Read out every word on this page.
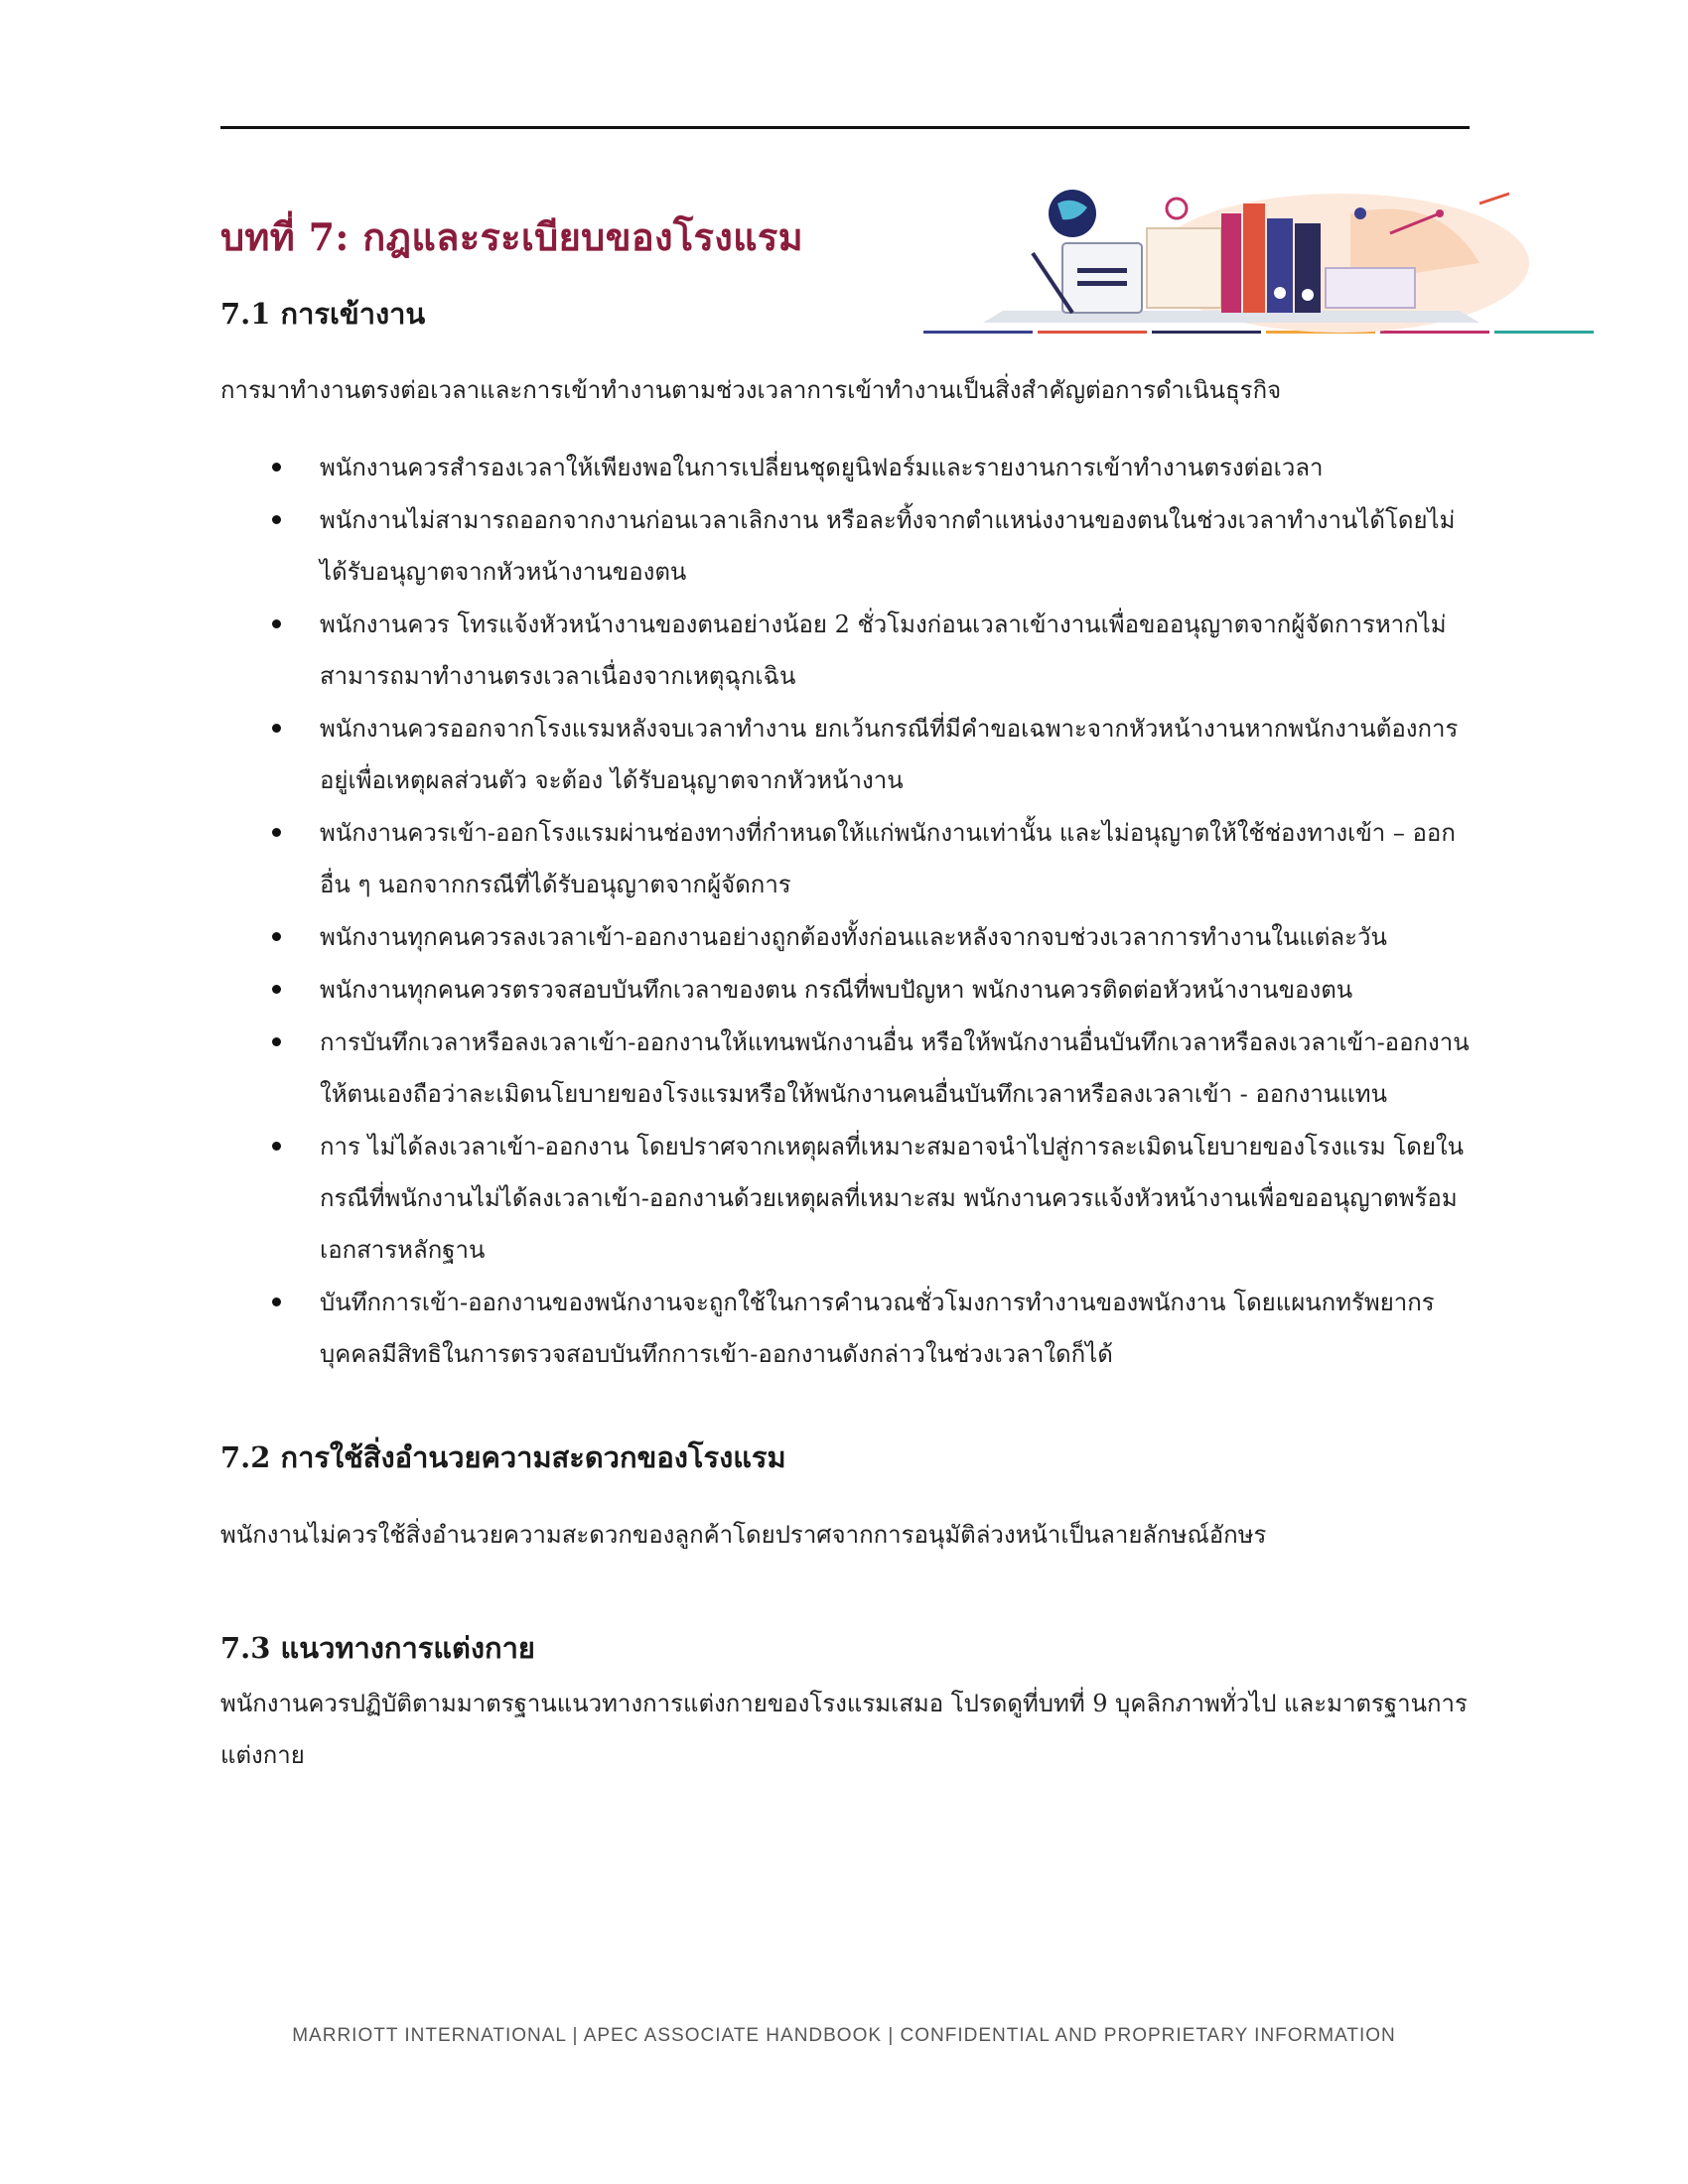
บทที่ 7: กฎและระเบียบของโรงแรม
7.1 การเข้างาน

การมาทำงานตรงต่อเวลาและการเข้าทำงานตามช่วงเวลาการเข้าทำงานเป็นสิ่งสำคัญต่อการดำเนินธุรกิจ

พนักงานควรสำรองเวลาให้เพียงพอในการเปลี่ยนชุดยูนิฟอร์มและรายงานการเข้าทำงานตรงต่อเวลา
พนักงานไม่สามารถออกจากงานก่อนเวลาเลิกงาน หรือละทิ้งจากตำแหน่งงานของตนในช่วงเวลาทำงานได้โดยไม่ได้รับอนุญาตจากหัวหน้างานของตน
พนักงานควร โทรแจ้งหัวหน้างานของตนอย่างน้อย 2 ชั่วโมงก่อนเวลาเข้างานเพื่อขออนุญาตจากผู้จัดการหากไม่สามารถมาทำงานตรงเวลาเนื่องจากเหตุฉุกเฉิน
พนักงานควรออกจากโรงแรมหลังจบเวลาทำงาน ยกเว้นกรณีที่มีคำขอเฉพาะจากหัวหน้างานหากพนักงานต้องการอยู่เพื่อเหตุผลส่วนตัว จะต้อง ได้รับอนุญาตจากหัวหน้างาน
พนักงานควรเข้า-ออกโรงแรมผ่านช่องทางที่กำหนดให้แก่พนักงานเท่านั้น และไม่อนุญาตให้ใช้ช่องทางเข้า – ออก อื่น ๆ นอกจากกรณีที่ได้รับอนุญาตจากผู้จัดการ
พนักงานทุกคนควรลงเวลาเข้า-ออกงานอย่างถูกต้องทั้งก่อนและหลังจากจบช่วงเวลาการทำงานในแต่ละวัน
พนักงานทุกคนควรตรวจสอบบันทึกเวลาของตน กรณีที่พบปัญหา พนักงานควรติดต่อหัวหน้างานของตน
การบันทึกเวลาหรือลงเวลาเข้า-ออกงานให้แทนพนักงานอื่น หรือให้พนักงานอื่นบันทึกเวลาหรือลงเวลาเข้า-ออกงานให้ตนเองถือว่าละเมิดนโยบายของโรงแรมหรือให้พนักงานคนอื่นบันทึกเวลาหรือลงเวลาเข้า - ออกงานแทน
การ ไม่ได้ลงเวลาเข้า-ออกงาน โดยปราศจากเหตุผลที่เหมาะสมอาจนำไปสู่การละเมิดนโยบายของโรงแรม โดยในกรณีที่พนักงานไม่ได้ลงเวลาเข้า-ออกงานด้วยเหตุผลที่เหมาะสม พนักงานควรแจ้งหัวหน้างานเพื่อขออนุญาตพร้อมเอกสารหลักฐาน
บันทึกการเข้า-ออกงานของพนักงานจะถูกใช้ในการคำนวณชั่วโมงการทำงานของพนักงาน โดยแผนกทรัพยากรบุคคลมีสิทธิในการตรวจสอบบันทึกการเข้า-ออกงานดังกล่าวในช่วงเวลาใดก็ได้
7.2 การใช้สิ่งอำนวยความสะดวกของโรงแรม

พนักงานไม่ควรใช้สิ่งอำนวยความสะดวกของลูกค้าโดยปราศจากการอนุมัติล่วงหน้าเป็นลายลักษณ์อักษร

7.3 แนวทางการแต่งกาย

พนักงานควรปฏิบัติตามมาตรฐานแนวทางการแต่งกายของโรงแรมเสมอ โปรดดูที่บทที่ 9 บุคลิกภาพทั่วไป และมาตรฐานการแต่งกาย

MARRIOTT INTERNATIONAL | APEC ASSOCIATE HANDBOOK | CONFIDENTIAL AND PROPRIETARY INFORMATION
